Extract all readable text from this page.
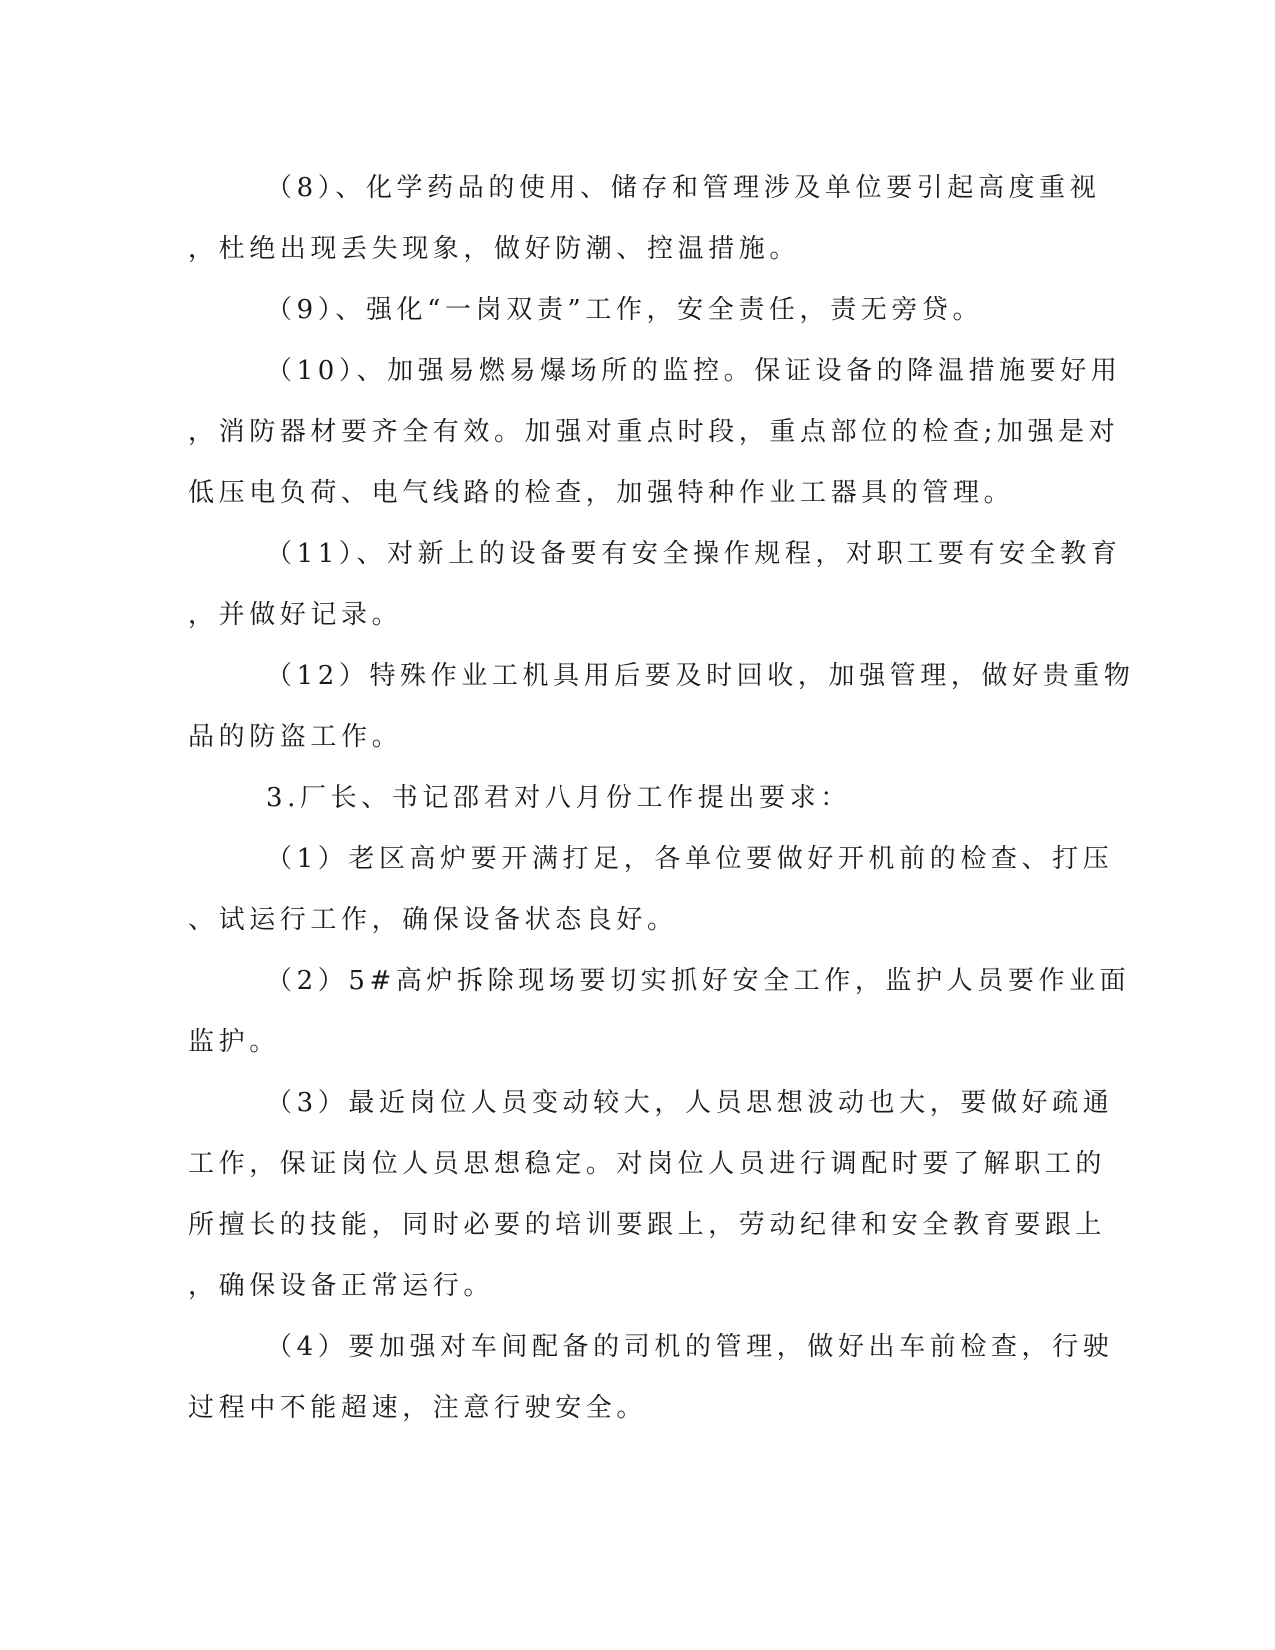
（8）、化学药品的使用、储存和管理涉及单位要引起高度重视
，杜绝出现丢失现象，做好防潮、控温措施。
（9）、强化“一岗双责”工作，安全责任，责无旁贷。
（10）、加强易燃易爆场所的监控。保证设备的降温措施要好用
，消防器材要齐全有效。加强对重点时段，重点部位的检查;加强是对
低压电负荷、电气线路的检查，加强特种作业工器具的管理。
（11）、对新上的设备要有安全操作规程，对职工要有安全教育
，并做好记录。
（12）特殊作业工机具用后要及时回收，加强管理，做好贵重物
品的防盗工作。
3.厂长、书记邵君对八月份工作提出要求：
（1）老区高炉要开满打足，各单位要做好开机前的检查、打压
、试运行工作，确保设备状态良好。
（2）5#高炉拆除现场要切实抓好安全工作，监护人员要作业面
监护。
（3）最近岗位人员变动较大，人员思想波动也大，要做好疏通
工作，保证岗位人员思想稳定。对岗位人员进行调配时要了解职工的
所擅长的技能，同时必要的培训要跟上，劳动纪律和安全教育要跟上
，确保设备正常运行。
（4）要加强对车间配备的司机的管理，做好出车前检查，行驶
过程中不能超速，注意行驶安全。
